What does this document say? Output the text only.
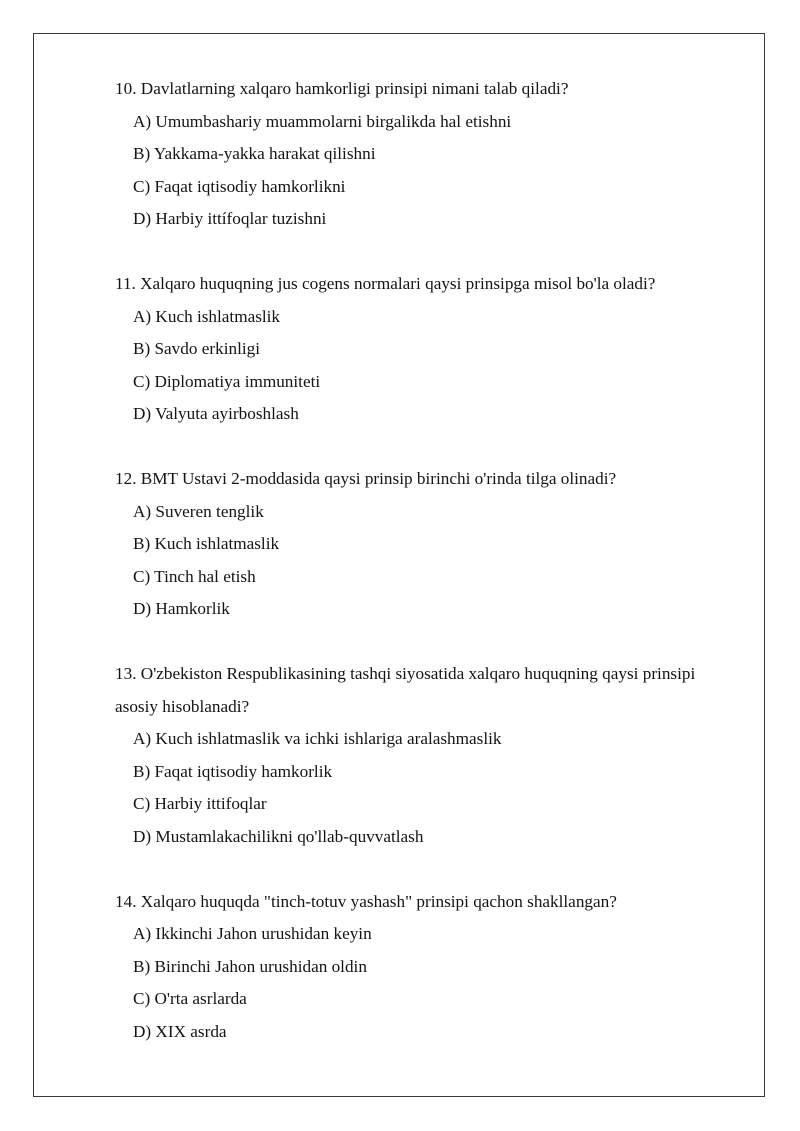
10. Davlatlarning xalqaro hamkorligi prinsipi nimani talab qiladi?
A) Umumbashariy muammolarni birgalikda hal etishni
B) Yakkama-yakka harakat qilishni
C) Faqat iqtisodiy hamkorlikni
D) Harbiy ittífoqlar tuzishni
11. Xalqaro huquqning jus cogens normalari qaysi prinsipga misol bo'la oladi?
A) Kuch ishlatmaslik
B) Savdo erkinligi
C) Diplomatiya immuniteti
D) Valyuta ayirboshlash
12. BMT Ustavi 2-moddasida qaysi prinsip birinchi o'rinda tilga olinadi?
A) Suveren tenglik
B) Kuch ishlatmaslik
C) Tinch hal etish
D) Hamkorlik
13. O'zbekiston Respublikasining tashqi siyosatida xalqaro huquqning qaysi prinsipi asosiy hisoblanadi?
A) Kuch ishlatmaslik va ichki ishlariga aralashmaslik
B) Faqat iqtisodiy hamkorlik
C) Harbiy ittifoqlar
D) Mustamlakachilikni qo'llab-quvvatlash
14. Xalqaro huquqda "tinch-totuv yashash" prinsipi qachon shakllangan?
A) Ikkinchi Jahon urushidan keyin
B) Birinchi Jahon urushidan oldin
C) O'rta asrlarda
D) XIX asrda
